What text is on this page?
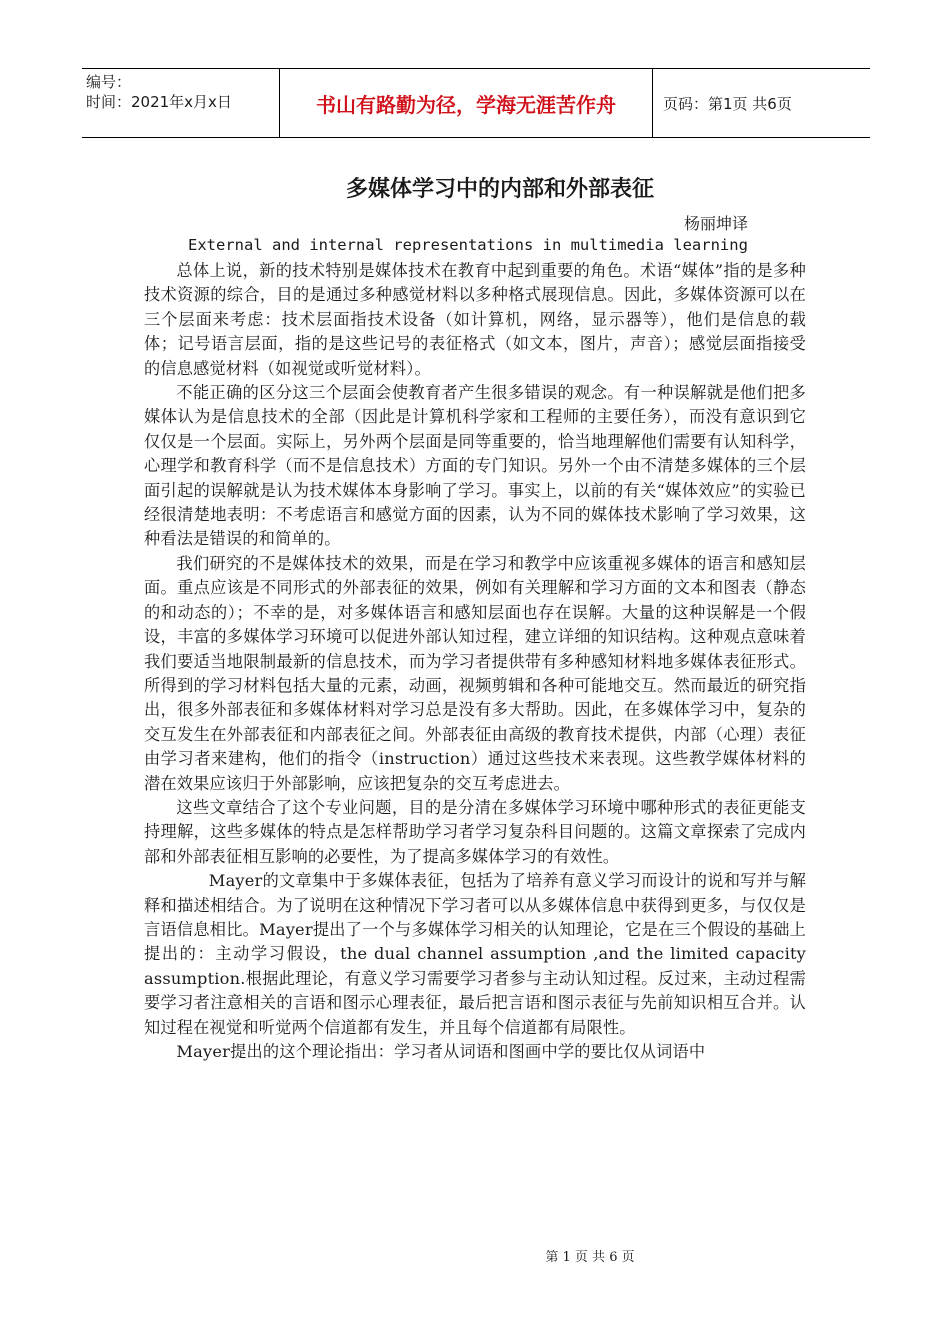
编号：
时间：2021年x月x日	书山有路勤为径，学海无涯苦作舟	页码：第1页 共6页
多媒体学习中的内部和外部表征
杨丽坤译
External and internal representations in multimedia learning

总体上说，新的技术特别是媒体技术在教育中起到重要的角色。术语“媒体”指的是多种技术资源的综合，目的是通过多种感觉材料以多种格式展现信息。因此，多媒体资源可以在三个层面来考虑：技术层面指技术设备（如计算机，网络，显示器等），他们是信息的载体；记号语言层面，指的是这些记号的表征格式（如文本，图片，声音）；感觉层面指接受的信息感觉材料（如视觉或听觉材料）。

不能正确的区分这三个层面会使教育者产生很多错误的观念。有一种误解就是他们把多媒体认为是信息技术的全部（因此是计算机科学家和工程师的主要任务），而没有意识到它仅仅是一个层面。实际上，另外两个层面是同等重要的，恰当地理解他们需要有认知科学，心理学和教育科学（而不是信息技术）方面的专门知识。另外一个由不清楚多媒体的三个层面引起的误解就是认为技术媒体本身影响了学习。事实上，以前的有关“媒体效应”的实验已经很清楚地表明：不考虑语言和感觉方面的因素，认为不同的媒体技术影响了学习效果，这种看法是错误的和简单的。

我们研究的不是媒体技术的效果，而是在学习和教学中应该重视多媒体的语言和感知层面。重点应该是不同形式的外部表征的效果，例如有关理解和学习方面的文本和图表（静态的和动态的）；不幸的是，对多媒体语言和感知层面也存在误解。大量的这种误解是一个假设，丰富的多媒体学习环境可以促进外部认知过程，建立详细的知识结构。这种观点意味着我们要适当地限制最新的信息技术，而为学习者提供带有多种感知材料地多媒体表征形式。所得到的学习材料包括大量的元素，动画，视频剪辑和各种可能地交互。然而最近的研究指出，很多外部表征和多媒体材料对学习总是没有多大帮助。因此，在多媒体学习中，复杂的交互发生在外部表征和内部表征之间。外部表征由高级的教育技术提供，内部（心理）表征由学习者来建构，他们的指令（instruction）通过这些技术来表现。这些教学媒体材料的潜在效果应该归于外部影响，应该把复杂的交互考虑进去。

这些文章结合了这个专业问题，目的是分清在多媒体学习环境中哪种形式的表征更能支持理解，这些多媒体的特点是怎样帮助学习者学习复杂科目问题的。这篇文章探索了完成内部和外部表征相互影响的必要性，为了提高多媒体学习的有效性。

Mayer的文章集中于多媒体表征，包括为了培养有意义学习而设计的说和写并与解释和描述相结合。为了说明在这种情况下学习者可以从多媒体信息中获得到更多，与仅仅是言语信息相比。Mayer提出了一个与多媒体学习相关的认知理论，它是在三个假设的基础上提出的：主动学习假设，the dual channel assumption ,and the limited capacity assumption.根据此理论，有意义学习需要学习者参与主动认知过程。反过来，主动过程需要学习者注意相关的言语和图示心理表征，最后把言语和图示表征与先前知识相互合并。认知过程在视觉和听觉两个信道都有发生，并且每个信道都有局限性。

Mayer提出的这个理论指出：学习者从词语和图画中学的要比仅从词语中

第 1 页 共 6 页
